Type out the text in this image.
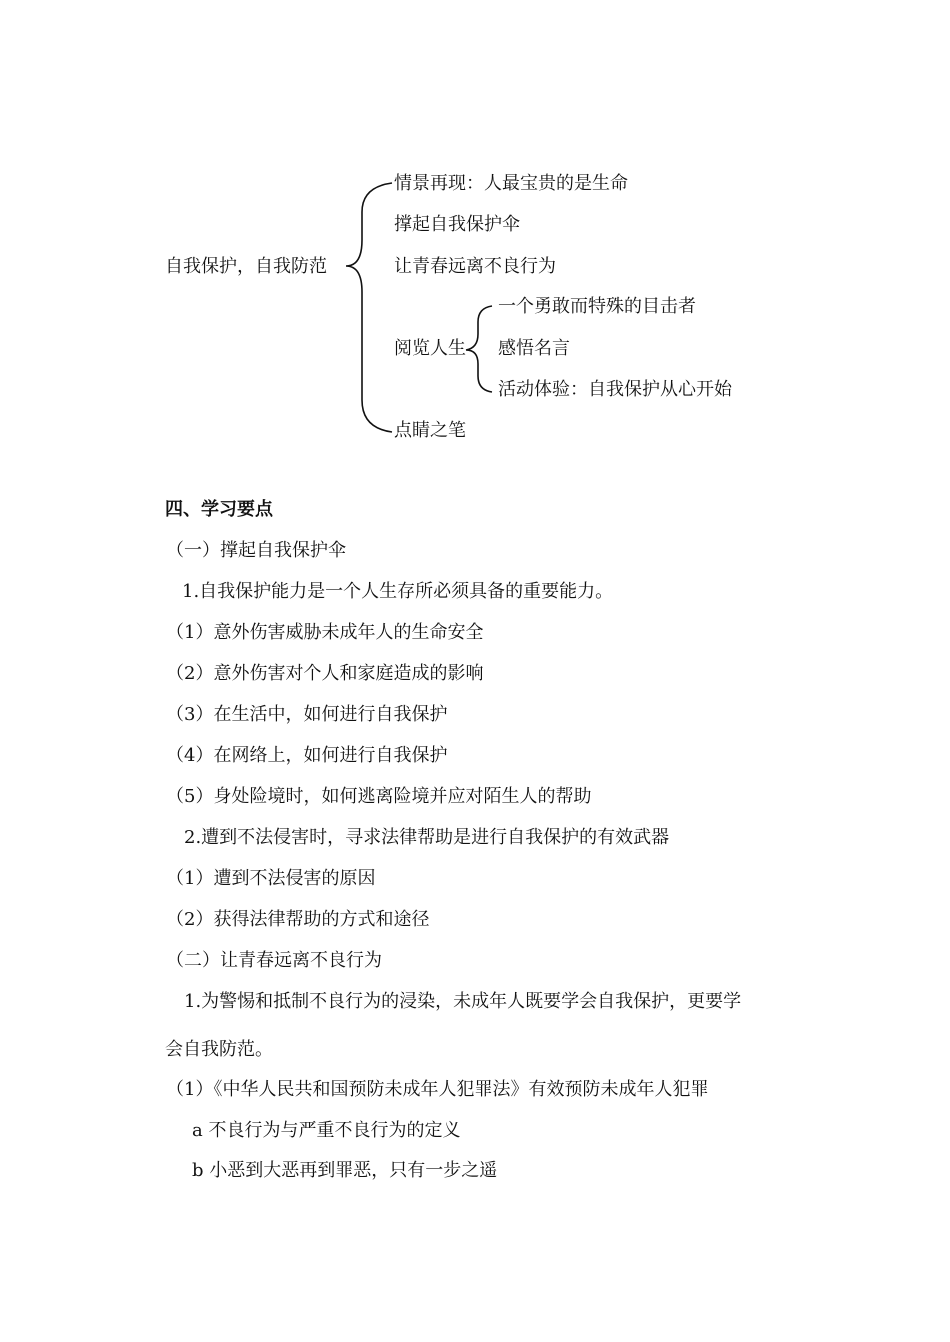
自我保护，自我防范
情景再现：人最宝贵的是生命
撑起自我保护伞
让青春远离不良行为
阅览人生
点睛之笔
一个勇敢而特殊的目击者
感悟名言
活动体验：自我保护从心开始
四、学习要点
（一）撑起自我保护伞
1.自我保护能力是一个人生存所必须具备的重要能力。
（1）意外伤害威胁未成年人的生命安全
（2）意外伤害对个人和家庭造成的影响
（3）在生活中，如何进行自我保护
（4）在网络上，如何进行自我保护
（5）身处险境时，如何逃离险境并应对陌生人的帮助
2.遭到不法侵害时，寻求法律帮助是进行自我保护的有效武器
（1）遭到不法侵害的原因
（2）获得法律帮助的方式和途径
（二）让青春远离不良行为
1.为警惕和抵制不良行为的浸染，未成年人既要学会自我保护，更要学
会自我防范。
（1）《中华人民共和国预防未成年人犯罪法》有效预防未成年人犯罪
a 不良行为与严重不良行为的定义
b 小恶到大恶再到罪恶，只有一步之遥
